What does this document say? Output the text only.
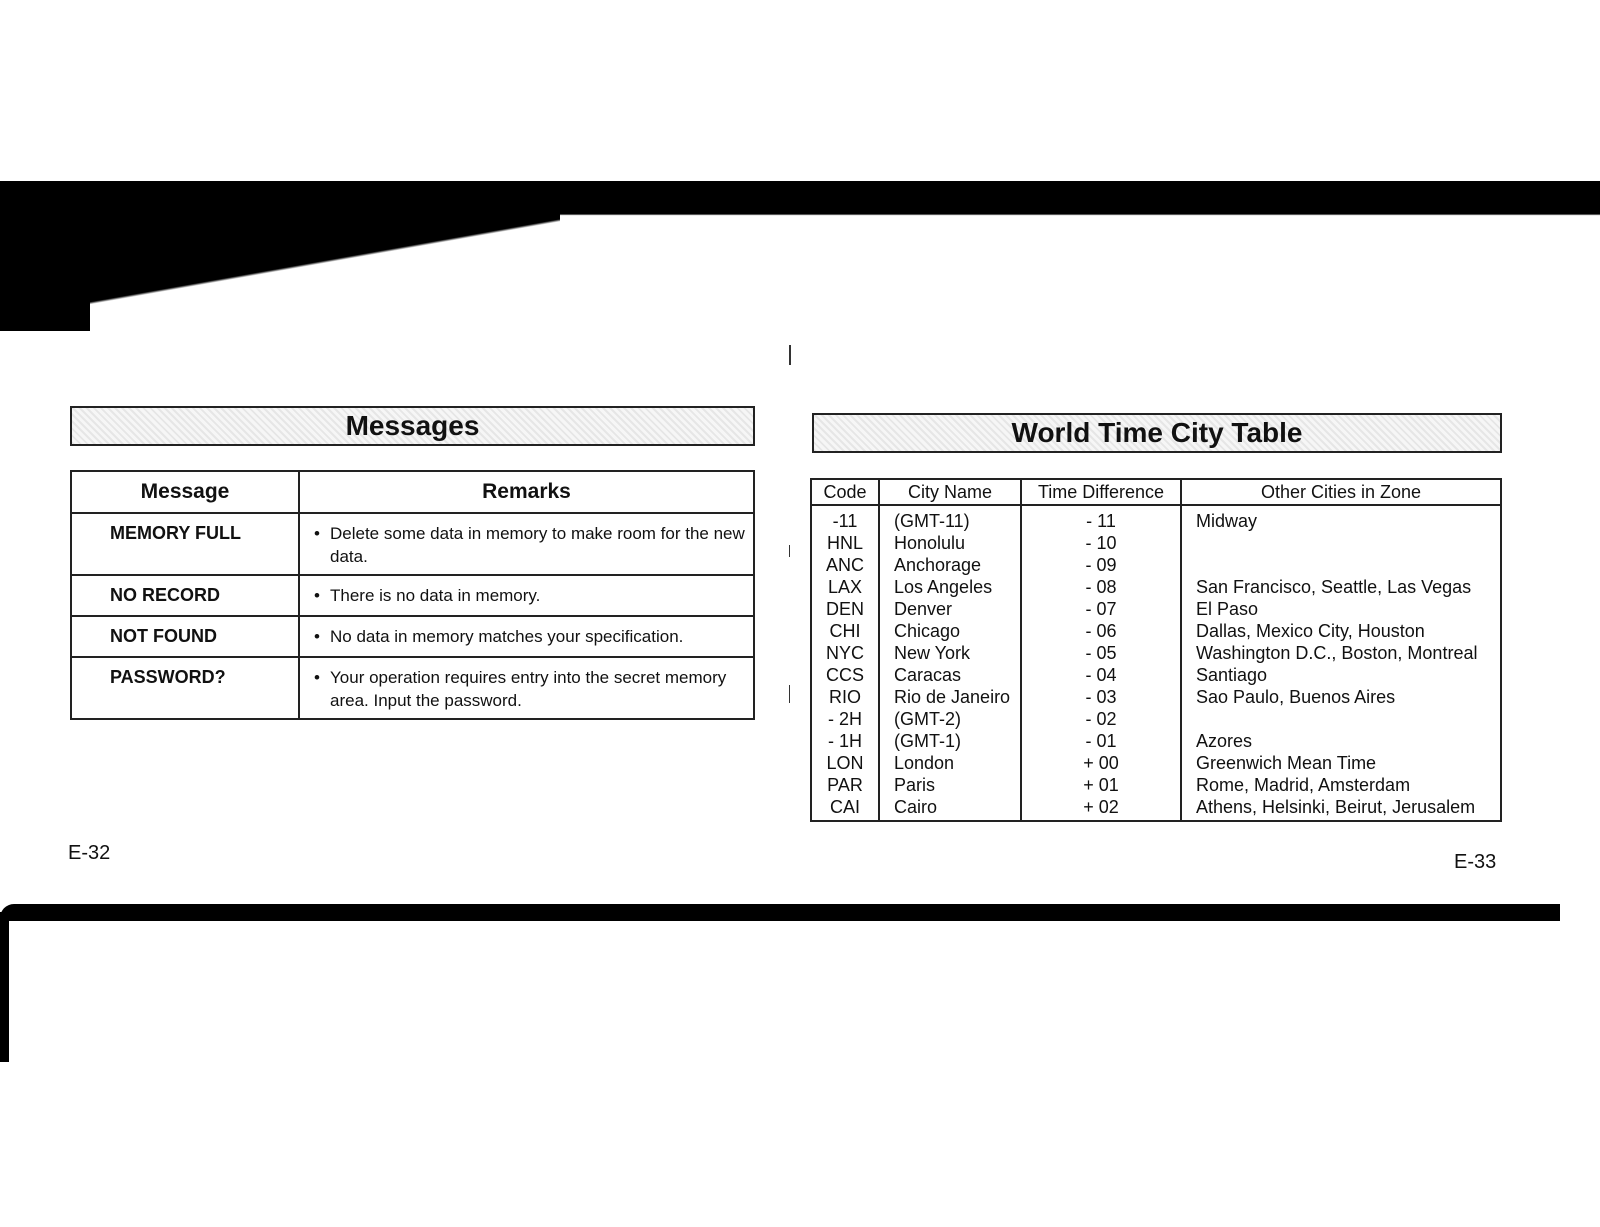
Messages
Message	Remarks
MEMORY FULL	• Delete some data in memory to make room for the new data.

NO RECORD	• There is no data in memory.

NOT FOUND	• No data in memory matches your specification.

PASSWORD?	• Your operation requires entry into the secret memory area. Input the password.
E-32
World Time City Table
Code	City Name	Time Difference	Other Cities in Zone
-11	(GMT-11)	- 11	Midway
HNL	Honolulu	- 10	
ANC	Anchorage	- 09	
LAX	Los Angeles	- 08	San Francisco, Seattle, Las Vegas
DEN	Denver	- 07	El Paso
CHI	Chicago	- 06	Dallas, Mexico City, Houston
NYC	New York	- 05	Washington D.C., Boston, Montreal
CCS	Caracas	- 04	Santiago
RIO	Rio de Janeiro	- 03	Sao Paulo, Buenos Aires
- 2H	(GMT-2)	- 02	
- 1H	(GMT-1)	- 01	Azores
LON	London	+ 00	Greenwich Mean Time
PAR	Paris	+ 01	Rome, Madrid, Amsterdam
CAI	Cairo	+ 02	Athens, Helsinki, Beirut, Jerusalem
E-33
